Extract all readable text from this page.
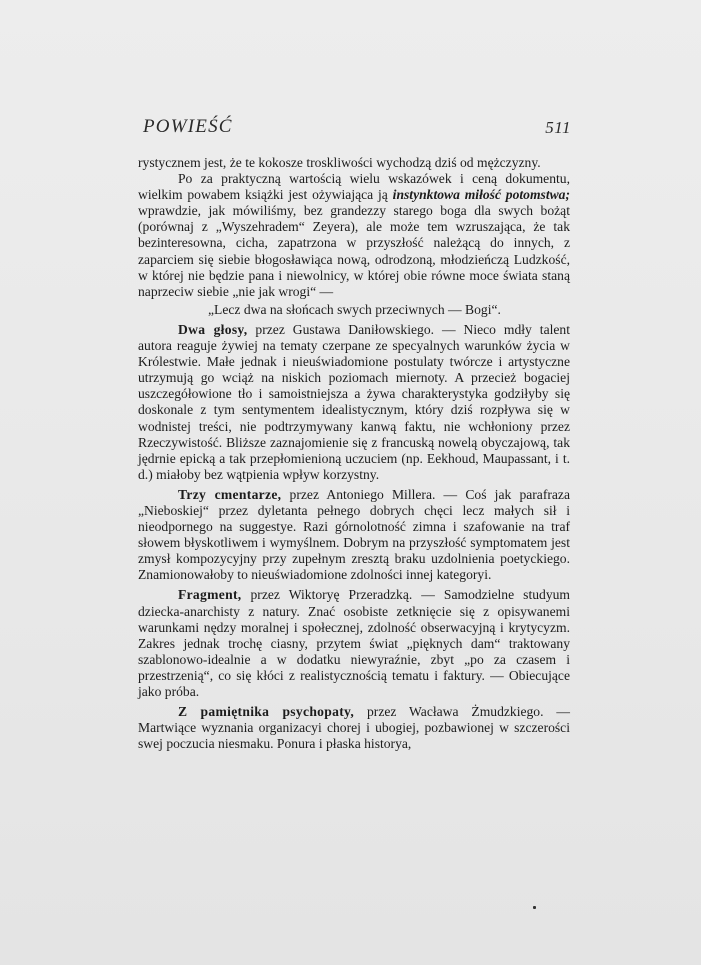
POWIEŚĆ	511

rystycznem jest, że te kokosze troskliwości wychodzą dziś od mężczyzny.

Po za praktyczną wartością wielu wskazówek i ceną dokumentu, wielkim powabem książki jest ożywiająca ją instynktowa miłość potomstwa; wprawdzie, jak mówiliśmy, bez grandezzy starego boga dla swych bożąt (porównaj z „Wyszehradem“ Zeyera), ale może tem wzruszająca, że tak bezinteresowna, cicha, zapatrzona w przyszłość należącą do innych, z zaparciem się siebie błogosławiąca nową, odrodzoną, młodzieńczą Ludzkość, w której nie będzie pana i niewolnicy, w której obie równe moce świata staną naprzeciw siebie „nie jak wrogi“ —

„Lecz dwa na słońcach swych przeciwnych — Bogi“.

Dwa głosy, przez Gustawa Daniłowskiego. — Nieco mdły talent autora reaguje żywiej na tematy czerpane ze specyalnych warunków życia w Królestwie. Małe jednak i nieuświadomione postulaty twórcze i artystyczne utrzymują go wciąż na niskich poziomach miernoty. A przecież bogaciej uszczegółowione tło i samoistniejsza a żywa charakterystyka godziłyby się doskonale z tym sentymentem idealistycznym, który dziś rozpływa się w wodnistej treści, nie podtrzymywany kanwą faktu, nie wchłoniony przez Rzeczywistość. Bliższe zaznajomienie się z francuską nowelą obyczajową, tak jędrnie epicką a tak przepłomienioną uczuciem (np. Eekhoud, Maupassant, i t. d.) miałoby bez wątpienia wpływ korzystny.

Trzy cmentarze, przez Antoniego Millera. — Coś jak parafraza „Nieboskiej“ przez dyletanta pełnego dobrych chęci lecz małych sił i nieodpornego na suggestye. Razi górnolotność zimna i szafowanie na traf słowem błyskotliwem i wymyślnem. Dobrym na przyszłość symptomatem jest zmysł kompozycyjny przy zupełnym zresztą braku uzdolnienia poetyckiego. Znamionowałoby to nieuświadomione zdolności innej kategoryi.

Fragment, przez Wiktoryę Przeradzką. — Samodzielne studyum dziecka-anarchisty z natury. Znać osobiste zetknięcie się z opisywanemi warunkami nędzy moralnej i społecznej, zdolność obserwacyjną i krytycyzm. Zakres jednak trochę ciasny, przytem świat „pięknych dam“ traktowany szablonowo-idealnie a w dodatku niewyraźnie, zbyt „po za czasem i przestrzenią“, co się kłóci z realistycznością tematu i faktury. — Obiecujące jako próba.

Z pamiętnika psychopaty, przez Wacława Żmudzkiego. — Martwiące wyznania organizacyi chorej i ubogiej, pozbawionej w szczerości swej poczucia niesmaku. Ponura i płaska historya,
